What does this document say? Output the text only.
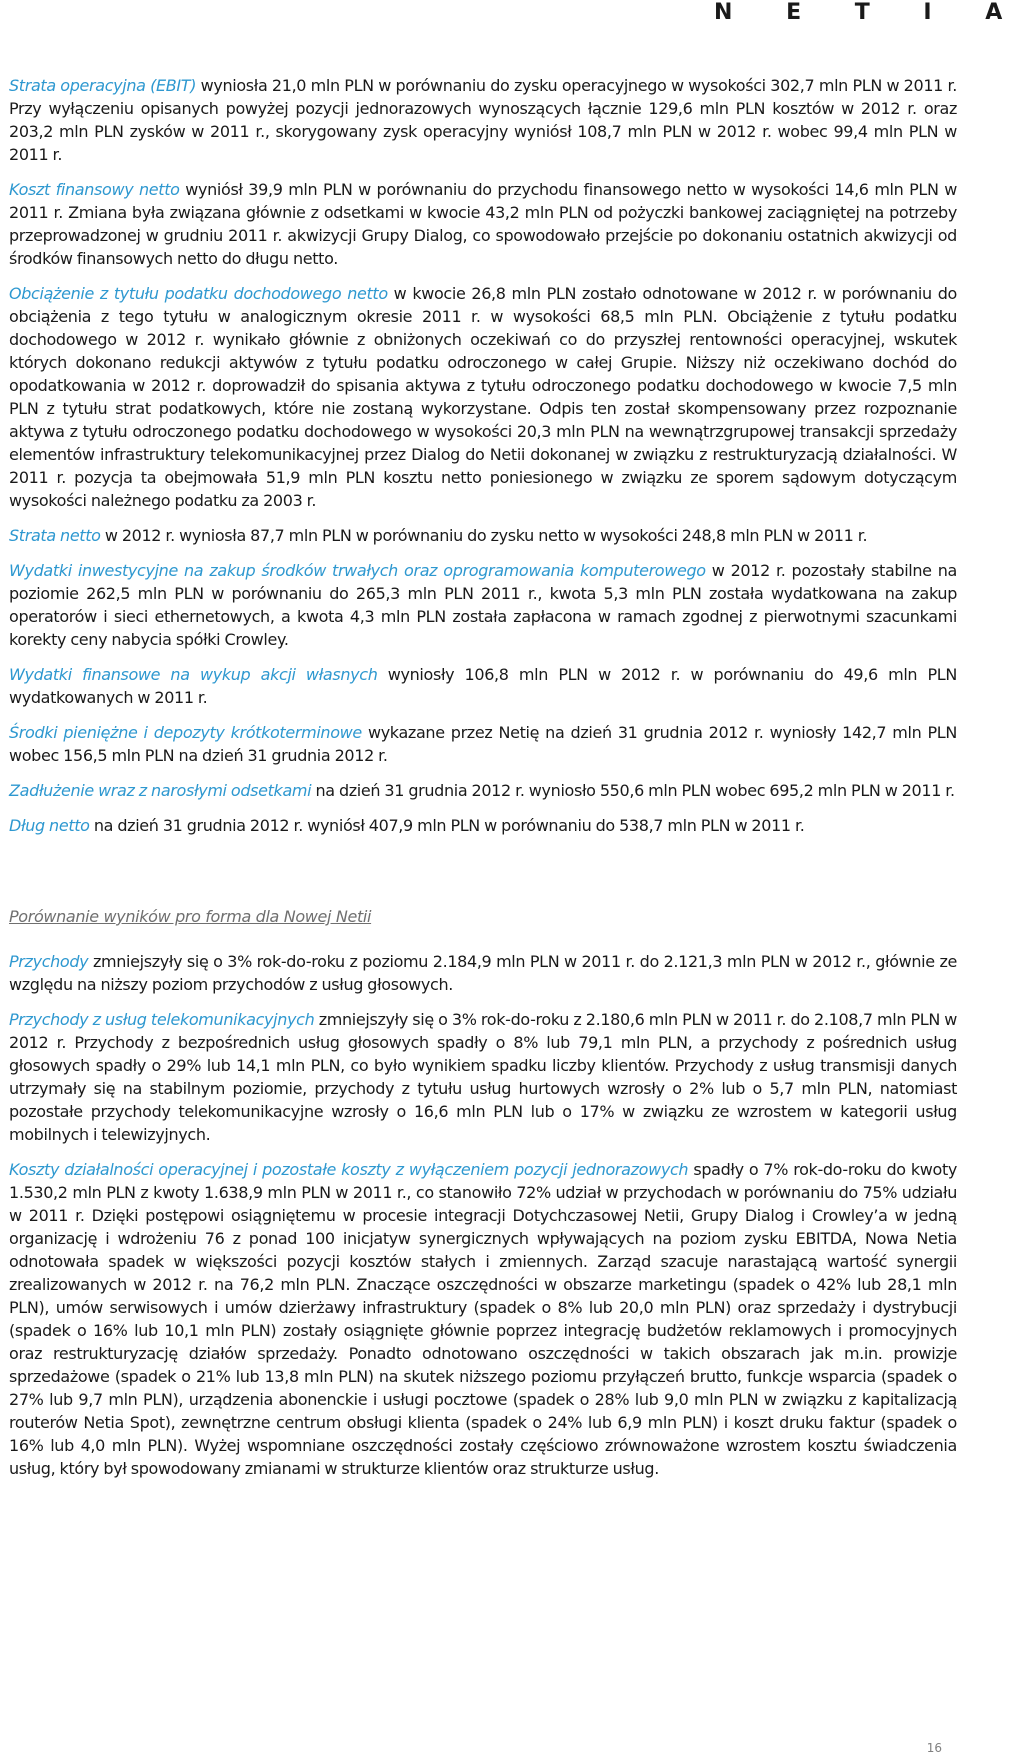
N E T I A

Strata operacyjna (EBIT) wyniosła 21,0 mln PLN w porównaniu do zysku operacyjnego w wysokości 302,7 mln PLN w 2011 r. Przy wyłączeniu opisanych powyżej pozycji jednorazowych wynoszących łącznie 129,6 mln PLN kosztów w 2012 r. oraz 203,2 mln PLN zysków w 2011 r., skorygowany zysk operacyjny wyniósł 108,7 mln PLN w 2012 r. wobec 99,4 mln PLN w 2011 r.

Koszt finansowy netto wyniósł 39,9 mln PLN w porównaniu do przychodu finansowego netto w wysokości 14,6 mln PLN w 2011 r. Zmiana była związana głównie z odsetkami w kwocie 43,2 mln PLN od pożyczki bankowej zaciągniętej na potrzeby przeprowadzonej w grudniu 2011 r. akwizycji Grupy Dialog, co spowodowało przejście po dokonaniu ostatnich akwizycji od środków finansowych netto do długu netto.

Obciążenie z tytułu podatku dochodowego netto w kwocie 26,8 mln PLN zostało odnotowane w 2012 r. w porównaniu do obciążenia z tego tytułu w analogicznym okresie 2011 r. w wysokości 68,5 mln PLN. Obciążenie z tytułu podatku dochodowego w 2012 r. wynikało głównie z obniżonych oczekiwań co do przyszłej rentowności operacyjnej, wskutek których dokonano redukcji aktywów z tytułu podatku odroczonego w całej Grupie. Niższy niż oczekiwano dochód do opodatkowania w 2012 r. doprowadził do spisania aktywa z tytułu odroczonego podatku dochodowego w kwocie 7,5 mln PLN z tytułu strat podatkowych, które nie zostaną wykorzystane. Odpis ten został skompensowany przez rozpoznanie aktywa z tytułu odroczonego podatku dochodowego w wysokości 20,3 mln PLN na wewnątrzgrupowej transakcji sprzedaży elementów infrastruktury telekomunikacyjnej przez Dialog do Netii dokonanej w związku z restrukturyzacją działalności. W 2011 r. pozycja ta obejmowała 51,9 mln PLN kosztu netto poniesionego w związku ze sporem sądowym dotyczącym wysokości należnego podatku za 2003 r.

Strata netto w 2012 r. wyniosła 87,7 mln PLN w porównaniu do zysku netto w wysokości 248,8 mln PLN w 2011 r.

Wydatki inwestycyjne na zakup środków trwałych oraz oprogramowania komputerowego w 2012 r. pozostały stabilne na poziomie 262,5 mln PLN w porównaniu do 265,3 mln PLN 2011 r., kwota 5,3 mln PLN została wydatkowana na zakup operatorów i sieci ethernetowych, a kwota 4,3 mln PLN została zapłacona w ramach zgodnej z pierwotnymi szacunkami korekty ceny nabycia spółki Crowley.

Wydatki finansowe na wykup akcji własnych wyniosły 106,8 mln PLN w 2012 r. w porównaniu do 49,6 mln PLN wydatkowanych w 2011 r.

Środki pieniężne i depozyty krótkoterminowe wykazane przez Netię na dzień 31 grudnia 2012 r. wyniosły 142,7 mln PLN wobec 156,5 mln PLN na dzień 31 grudnia 2012 r.

Zadłużenie wraz z narosłymi odsetkami na dzień 31 grudnia 2012 r. wyniosło 550,6 mln PLN wobec 695,2 mln PLN w 2011 r.

Dług netto na dzień 31 grudnia 2012 r. wyniósł 407,9 mln PLN w porównaniu do 538,7 mln PLN w 2011 r.

Porównanie wyników pro forma dla Nowej Netii

Przychody zmniejszyły się o 3% rok-do-roku z poziomu 2.184,9 mln PLN w 2011 r. do 2.121,3 mln PLN w 2012 r., głównie ze względu na niższy poziom przychodów z usług głosowych.

Przychody z usług telekomunikacyjnych zmniejszyły się o 3% rok-do-roku z 2.180,6 mln PLN w 2011 r. do 2.108,7 mln PLN w 2012 r. Przychody z bezpośrednich usług głosowych spadły o 8% lub 79,1 mln PLN, a przychody z pośrednich usług głosowych spadły o 29% lub 14,1 mln PLN, co było wynikiem spadku liczby klientów. Przychody z usług transmisji danych utrzymały się na stabilnym poziomie, przychody z tytułu usług hurtowych wzrosły o 2% lub o 5,7 mln PLN, natomiast pozostałe przychody telekomunikacyjne wzrosły o 16,6 mln PLN lub o 17% w związku ze wzrostem w kategorii usług mobilnych i telewizyjnych.

Koszty działalności operacyjnej i pozostałe koszty z wyłączeniem pozycji jednorazowych spadły o 7% rok-do-roku do kwoty 1.530,2 mln PLN z kwoty 1.638,9 mln PLN w 2011 r., co stanowiło 72% udział w przychodach w porównaniu do 75% udziału w 2011 r. Dzięki postępowi osiągniętemu w procesie integracji Dotychczasowej Netii, Grupy Dialog i Crowley’a w jedną organizację i wdrożeniu 76 z ponad 100 inicjatyw synergicznych wpływających na poziom zysku EBITDA, Nowa Netia odnotowała spadek w większości pozycji kosztów stałych i zmiennych. Zarząd szacuje narastającą wartość synergii zrealizowanych w 2012 r. na 76,2 mln PLN. Znaczące oszczędności w obszarze marketingu (spadek o 42% lub 28,1 mln PLN), umów serwisowych i umów dzierżawy infrastruktury (spadek o 8% lub 20,0 mln PLN) oraz sprzedaży i dystrybucji (spadek o 16% lub 10,1 mln PLN) zostały osiągnięte głównie poprzez integrację budżetów reklamowych i promocyjnych oraz restrukturyzację działów sprzedaży. Ponadto odnotowano oszczędności w takich obszarach jak m.in. prowizje sprzedażowe (spadek o 21% lub 13,8 mln PLN) na skutek niższego poziomu przyłączeń brutto, funkcje wsparcia (spadek o 27% lub 9,7 mln PLN), urządzenia abonenckie i usługi pocztowe (spadek o 28% lub 9,0 mln PLN w związku z kapitalizacją routerów Netia Spot), zewnętrzne centrum obsługi klienta (spadek o 24% lub 6,9 mln PLN) i koszt druku faktur (spadek o 16% lub 4,0 mln PLN). Wyżej wspomniane oszczędności zostały częściowo zrównoważone wzrostem kosztu świadczenia usług, który był spowodowany zmianami w strukturze klientów oraz strukturze usług.

16
